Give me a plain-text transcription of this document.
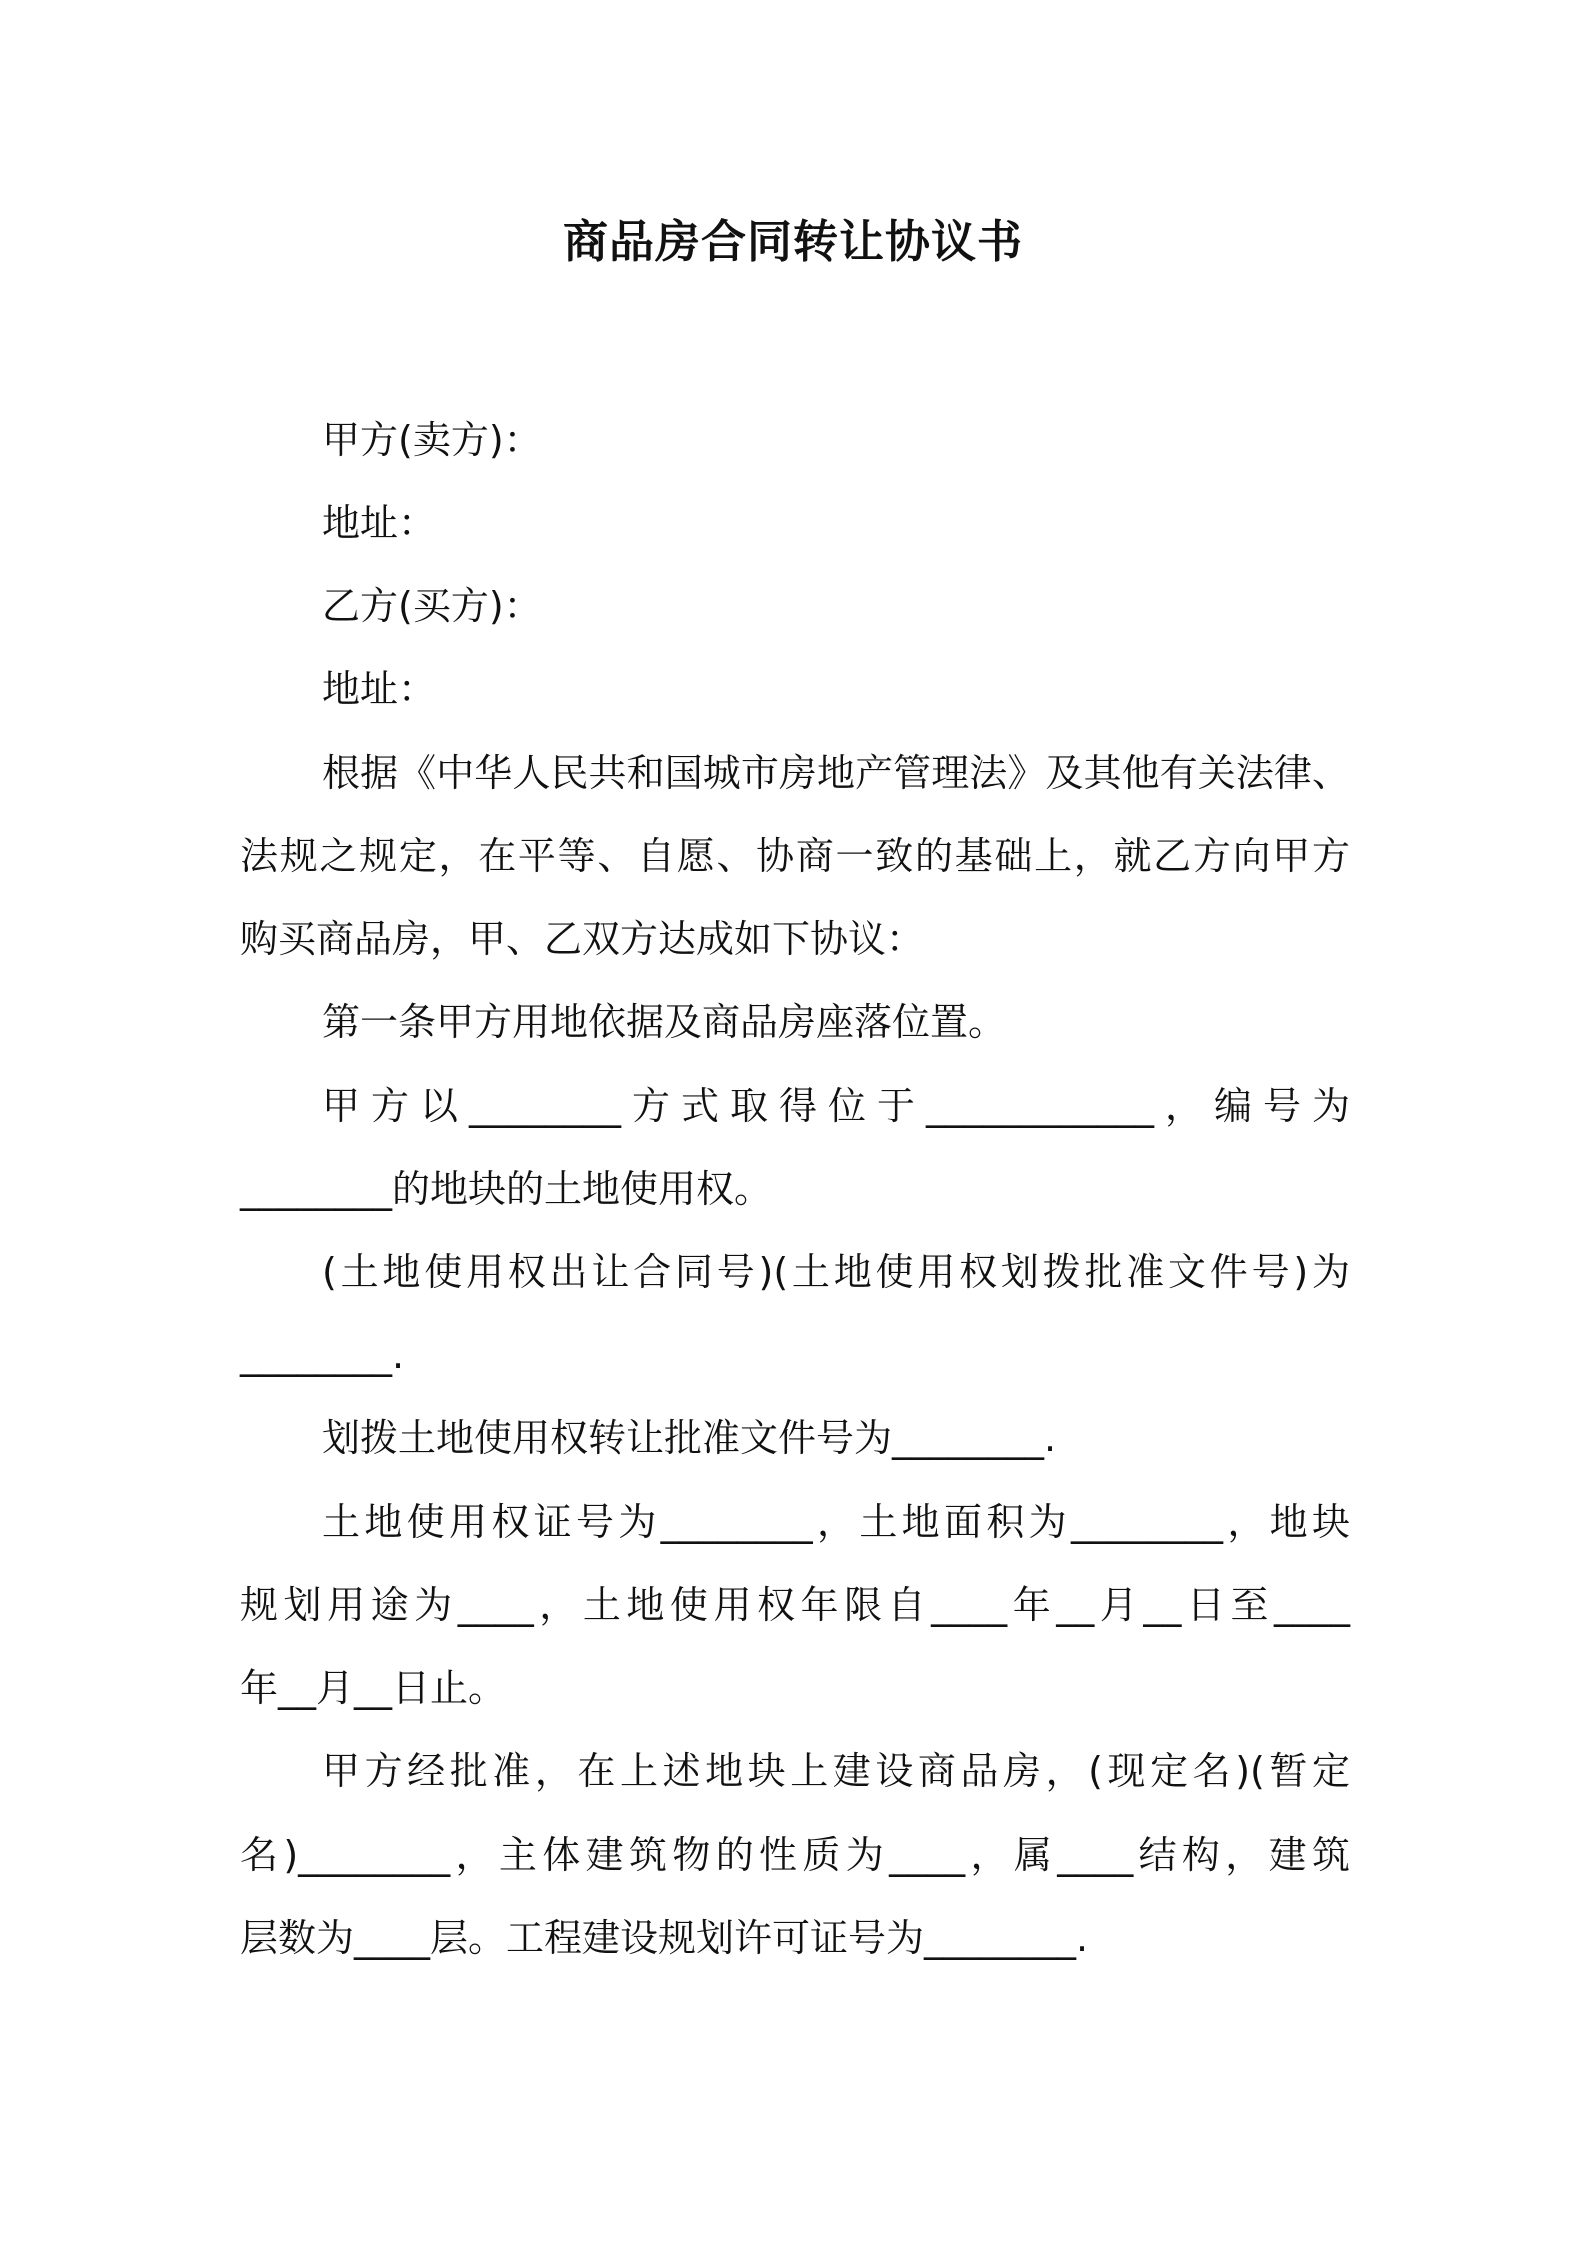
商品房合同转让协议书
甲方(卖方)：
地址：
乙方(买方)：
地址：
根据《中华人民共和国城市房地产管理法》及其他有关法律、
法规之规定，在平等、自愿、协商一致的基础上，就乙方向甲方
购买商品房，甲、乙双方达成如下协议：
第一条甲方用地依据及商品房座落位置。
甲方以________方式取得位于____________，编号为
________的地块的土地使用权。
(土地使用权出让合同号)(土地使用权划拨批准文件号)为
________.
划拨土地使用权转让批准文件号为________.
土地使用权证号为________，土地面积为________，地块
规划用途为____，土地使用权年限自____年__月__日至____
年__月__日止。
甲方经批准，在上述地块上建设商品房，(现定名)(暂定
名)________，主体建筑物的性质为____，属____结构，建筑
层数为____层。工程建设规划许可证号为________.
